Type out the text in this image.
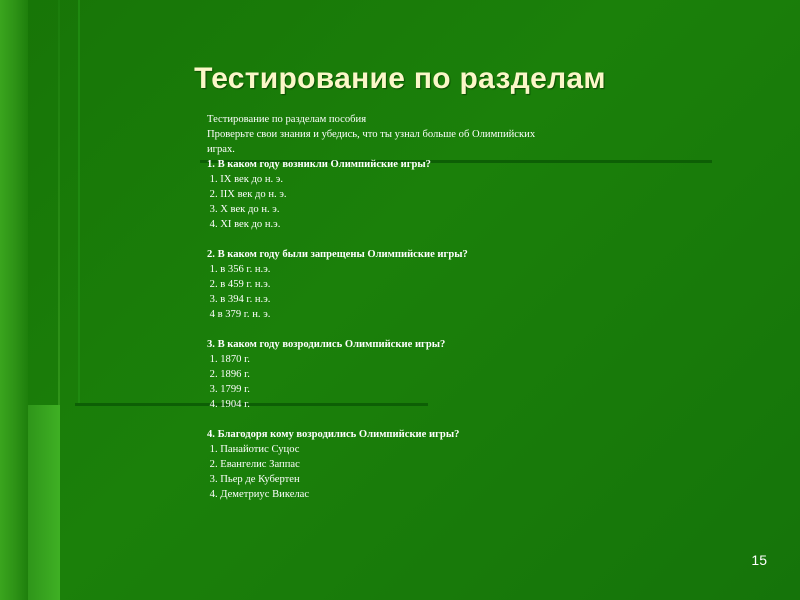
Тестирование по разделам
Тестирование по разделам пособия
Проверьте свои знания и убедись, что ты узнал больше об Олимпийских
играх.
1. В каком году возникли Олимпийские игры?
1. IX век до н. э.
2. IIX век до н. э.
3. X век до н. э.
4. XI век до н.э.
2. В каком году были запрещены Олимпийские игры?
1. в 356 г. н.э.
2. в 459 г. н.э.
3. в 394 г. н.э.
4 в 379 г. н. э.
3. В каком году возродились Олимпийские игры?
1. 1870 г.
2. 1896 г.
3. 1799 г.
4. 1904 г.
4. Благодоря кому возродились Олимпийские игры?
1. Панайотис Суцос
2. Евангелис Заппас
3. Пьер де Кубертен
4. Деметриус Викелас
15
